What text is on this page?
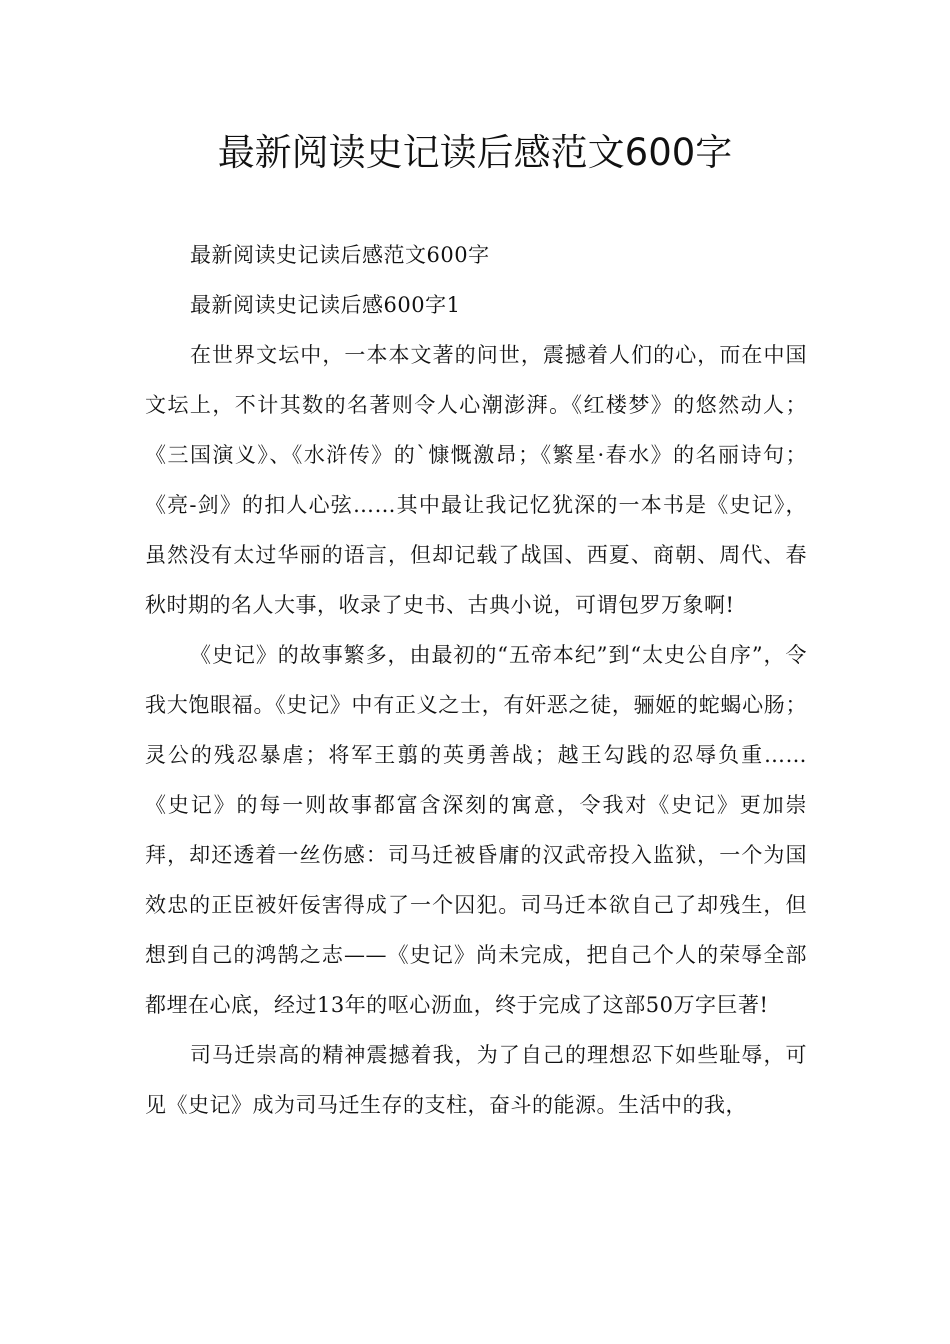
最新阅读史记读后感范文600字

最新阅读史记读后感范文600字

最新阅读史记读后感600字1

在世界文坛中，一本本文著的问世，震撼着人们的心，而在中国文坛上，不计其数的名著则令人心潮澎湃。《红楼梦》的悠然动人；《三国演义》、《水浒传》的`慷慨激昂；《繁星·春水》的名丽诗句；《亮-剑》的扣人心弦……其中最让我记忆犹深的一本书是《史记》，虽然没有太过华丽的语言，但却记载了战国、西夏、商朝、周代、春秋时期的名人大事，收录了史书、古典小说，可谓包罗万象啊!

《史记》的故事繁多，由最初的“五帝本纪”到“太史公自序”，令我大饱眼福。《史记》中有正义之士，有奸恶之徒，骊姬的蛇蝎心肠；灵公的残忍暴虐；将军王翦的英勇善战；越王勾践的忍辱负重……《史记》的每一则故事都富含深刻的寓意，令我对《史记》更加崇拜，却还透着一丝伤感：司马迁被昏庸的汉武帝投入监狱，一个为国效忠的正臣被奸佞害得成了一个囚犯。司马迁本欲自己了却残生，但想到自己的鸿鹄之志——《史记》尚未完成，把自己个人的荣辱全部都埋在心底，经过13年的呕心沥血，终于完成了这部50万字巨著!

司马迁崇高的精神震撼着我，为了自己的理想忍下如些耻辱，可见《史记》成为司马迁生存的支柱，奋斗的能源。生活中的我，
